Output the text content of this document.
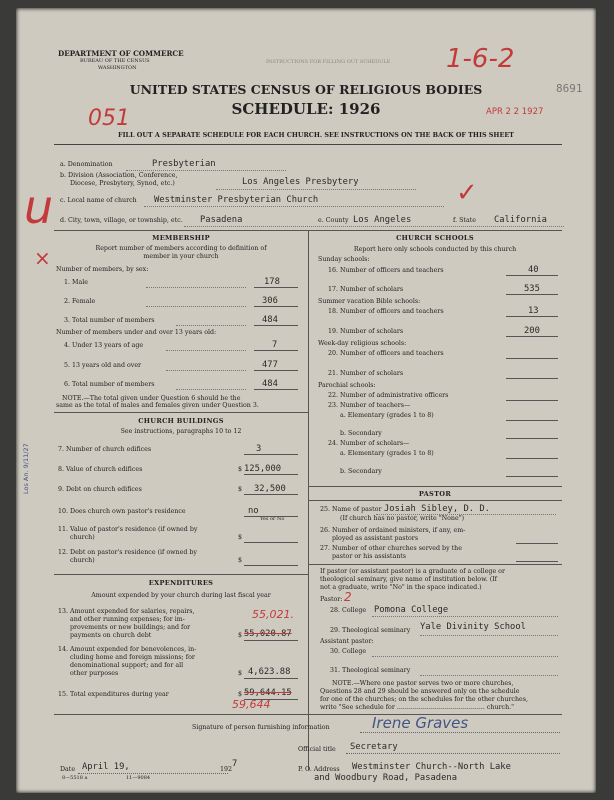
DEPARTMENT OF COMMERCE
BUREAU OF THE CENSUS
WASHINGTON
INSTRUCTIONS FOR FILLING OUT SCHEDULE 1-6-2
8691
UNITED STATES CENSUS OF RELIGIOUS BODIES
SCHEDULE: 1926	APR 2 2 1927
051
FILL OUT A SEPARATE SCHEDULE FOR EACH CHURCH. SEE INSTRUCTIONS ON THE BACK OF THIS SHEET
u
×
a. Denomination	Presbyterian
b. Division (Association, Conference,
Diocese, Presbytery, Synod, etc.)	Los Angeles Presbytery
c. Local name of church Westminster Presbyterian Church	✓
d. City, town, village, or township, etc. Pasadena	e. County Los Angeles	f. State California
MEMBERSHIP
Report number of members according to definition of
member in your church
Number of members, by sex:
1. Male	178
2. Female	306
3. Total number of members	484
Number of members under and over 13 years old:
4. Under 13 years of age	7
5. 13 years old and over	477
6. Total number of members	484
NOTE.—The total given under Question 6 should be the
same as the total of males and females given under Question 3.
Los An. 9/11/27
CHURCH BUILDINGS
See instructions, paragraphs 10 to 12
7. Number of church edifices	3
8. Value of church edifices	$ 125,000
9. Debt on church edifices	$ 32,500
10. Does church own pastor's residence	no
Yes or No
11. Value of pastor's residence (if owned by
church)	$
12. Debt on pastor's residence (if owned by
church)	$
EXPENDITURES
Amount expended by your church during last fiscal year
13. Amount expended for salaries, repairs,
and other running expenses; for im-
provements or new buildings; and for
payments on church debt
55,021.
$ 55,020.87
14. Amount expended for benevolences, in-
cluding home and foreign missions; for
denominational support; and for all
other purposes	$ 4,623.88
15. Total expenditures during year	$ 59,644.15
59,644
CHURCH SCHOOLS
Report here only schools conducted by this church
Sunday schools:
16. Number of officers and teachers	40
17. Number of scholars	535
Summer vacation Bible schools:
18. Number of officers and teachers	13
19. Number of scholars	200
Week-day religious schools:
20. Number of officers and teachers
21. Number of scholars
Parochial schools:
22. Number of administrative officers
23. Number of teachers—
a. Elementary (grades 1 to 8)
b. Secondary
24. Number of scholars—
a. Elementary (grades 1 to 8)
b. Secondary
PASTOR
25. Name of pastor Josiah Sibley, D. D.
(If church has no pastor, write "None")
26. Number of ordained ministers, if any, em-
ployed as assistant pastors
27. Number of other churches served by the
pastor or his assistants
If pastor (or assistant pastor) is a graduate of a college or
theological seminary, give name of institution below. (If
not a graduate, write "No" in the space indicated.)
Pastor: 2
28. College Pomona College
29. Theological seminary Yale Divinity School
Assistant pastor:
30. College
31. Theological seminary
NOTE.—Where one pastor serves two or more churches,
Questions 28 and 29 should be answered only on the schedule
for one of the churches; on the schedules for the other churches,
write "See schedule for ............................................ church."
Signature of person furnishing information	Irene Graves
Official title Secretary
Date April 19,	192
7
8—5518 a	11—9084
P. O. Address Westminster Church--North Lake
and Woodbury Road, Pasadena
